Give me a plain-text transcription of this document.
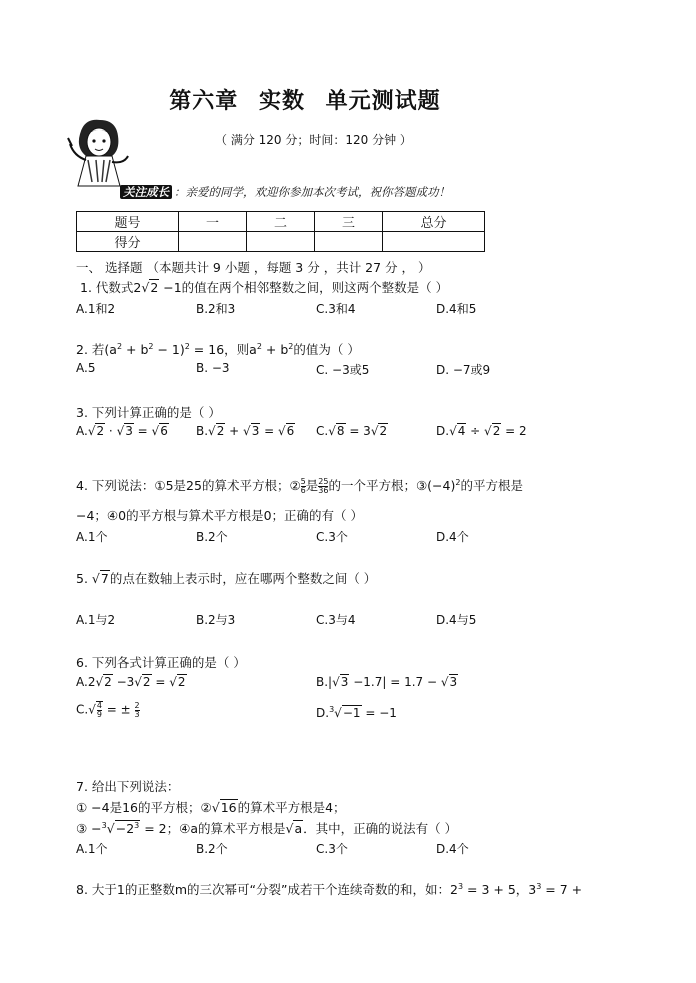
第六章 实数 单元测试题
（ 满分 120 分；时间：120 分钟 ）
关注成长 ：亲爱的同学，欢迎你参加本次考试，祝你答题成功！
题号	一	二	三	总分
得分				
一、 选择题 （本题共计 9 小题 ，每题 3 分 ，共计 27 分 ， ）
1. 代数式2√2 −1的值在两个相邻整数之间，则这两个整数是（ ）
A.1和2	B.2和3	C.3和4	D.4和5
2. 若$(a^2 + b^2 - 1)^2 = 16$，则$a^2 + b^2$的值为（ ）
A.5	B. −3	C. −3或5	D. −7或9
3. 下列计算正确的是（ ）
A.√2 · √3 = √6 B.√2 + √3 = √6 C.√8 = 3√2	D.√4 ÷ √2 = 2
4. 下列说法：①5是25的算术平方根；② $\frac{5}{6}$ 是 $\frac{25}{36}$ 的一个平方根；$③(-4)^2$的平方根是
−4；④0的平方根与算术平方根是0；正确的有（ ）
A.1个	B.2个	C.3个	D.4个
5. √7的点在数轴上表示时，应在哪两个整数之间（ ）
A.1与2	B.2与3	C.3与4	D.4与5
6. 下列各式计算正确的是（ ）
A.2√2 −3√2 = √2	B.|√3 −1.7| = 1.7 − √3
$C.√ \frac{4}{9}$ = ± $\frac{2}{3}$	D.$^3$√−1 = −1
7. 给出下列说法：
① −4是16的平方根；②√16的算术平方根是4；
③ $-^3√-2^3 = 2$；④a的算术平方根是√a．其中，正确的说法有（ ）
A.1个	B.2个	C.3个	D.4个
8. 大于1的正整数m的三次幂可“分裂”成若干个连续奇数的和，如：$2^3 = 3 + 5$，$3^3 = 7$ +
